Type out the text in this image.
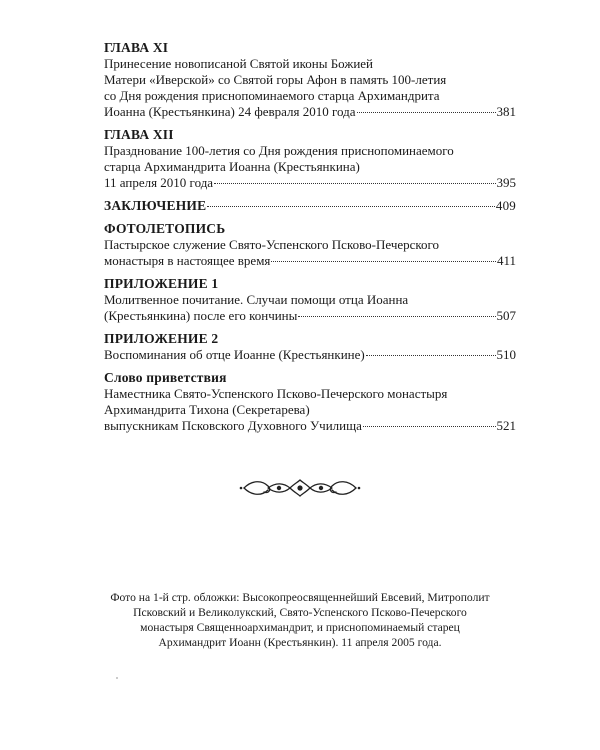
ГЛАВА XI
Принесение новописаной Святой иконы Божией
Матери «Иверской» со Святой горы Афон в память 100-летия
со Дня рождения приснопоминаемого старца Архимандрита
Иоанна (Крестьянкина) 24 февраля 2010 года	381
ГЛАВА XII
Празднование 100-летия со Дня рождения приснопоминаемого
старца Архимандрита Иоанна (Крестьянкина)
11 апреля 2010 года	395
ЗАКЛЮЧЕНИЕ	409
ФОТОЛЕТОПИСЬ
Пастырское служение Свято-Успенского Псково-Печерского
монастыря в настоящее время	411
ПРИЛОЖЕНИЕ 1
Молитвенное почитание. Случаи помощи отца Иоанна
(Крестьянкина) после его кончины	507
ПРИЛОЖЕНИЕ 2
Воспоминания об отце Иоанне (Крестьянкине)	510
Слово приветствия
Наместника Свято-Успенского Псково-Печерского монастыря
Архимандрита Тихона (Секретарева)
выпускникам Псковского Духовного Училища	521
Фото на 1-й стр. обложки: Высокопреосвященнейший Евсевий, Митрополит
Псковский и Великолукский, Свято-Успенского Псково-Печерского
монастыря Священноархимандрит, и приснопоминаемый старец
Архимандрит Иоанн (Крестьянкин). 11 апреля 2005 года.
